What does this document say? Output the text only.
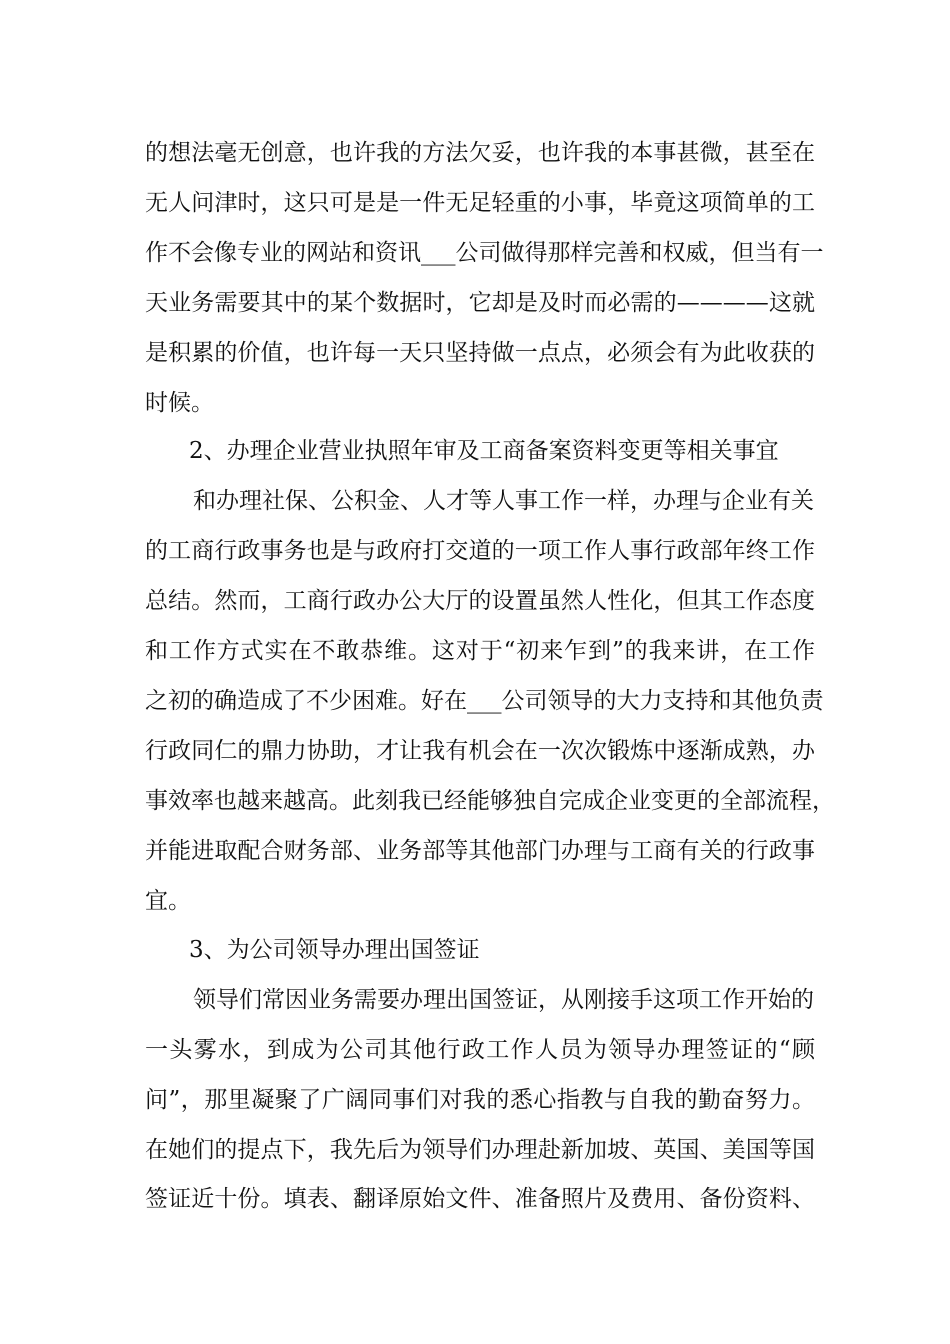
的想法毫无创意，也许我的方法欠妥，也许我的本事甚微，甚至在
无人问津时，这只可是是一件无足轻重的小事，毕竟这项简单的工
作不会像专业的网站和资讯___公司做得那样完善和权威，但当有一
天业务需要其中的某个数据时，它却是及时而必需的————这就
是积累的价值，也许每一天只坚持做一点点，必须会有为此收获的
时候。
2、办理企业营业执照年审及工商备案资料变更等相关事宜
和办理社保、公积金、人才等人事工作一样，办理与企业有关
的工商行政事务也是与政府打交道的一项工作人事行政部年终工作
总结。然而，工商行政办公大厅的设置虽然人性化，但其工作态度
和工作方式实在不敢恭维。这对于“初来乍到”的我来讲，在工作
之初的确造成了不少困难。好在___公司领导的大力支持和其他负责
行政同仁的鼎力协助，才让我有机会在一次次锻炼中逐渐成熟，办
事效率也越来越高。此刻我已经能够独自完成企业变更的全部流程，
并能进取配合财务部、业务部等其他部门办理与工商有关的行政事
宜。
3、为公司领导办理出国签证
领导们常因业务需要办理出国签证，从刚接手这项工作开始的
一头雾水，到成为公司其他行政工作人员为领导办理签证的“顾
问”，那里凝聚了广阔同事们对我的悉心指教与自我的勤奋努力。
在她们的提点下，我先后为领导们办理赴新加坡、英国、美国等国
签证近十份。填表、翻译原始文件、准备照片及费用、备份资料、
